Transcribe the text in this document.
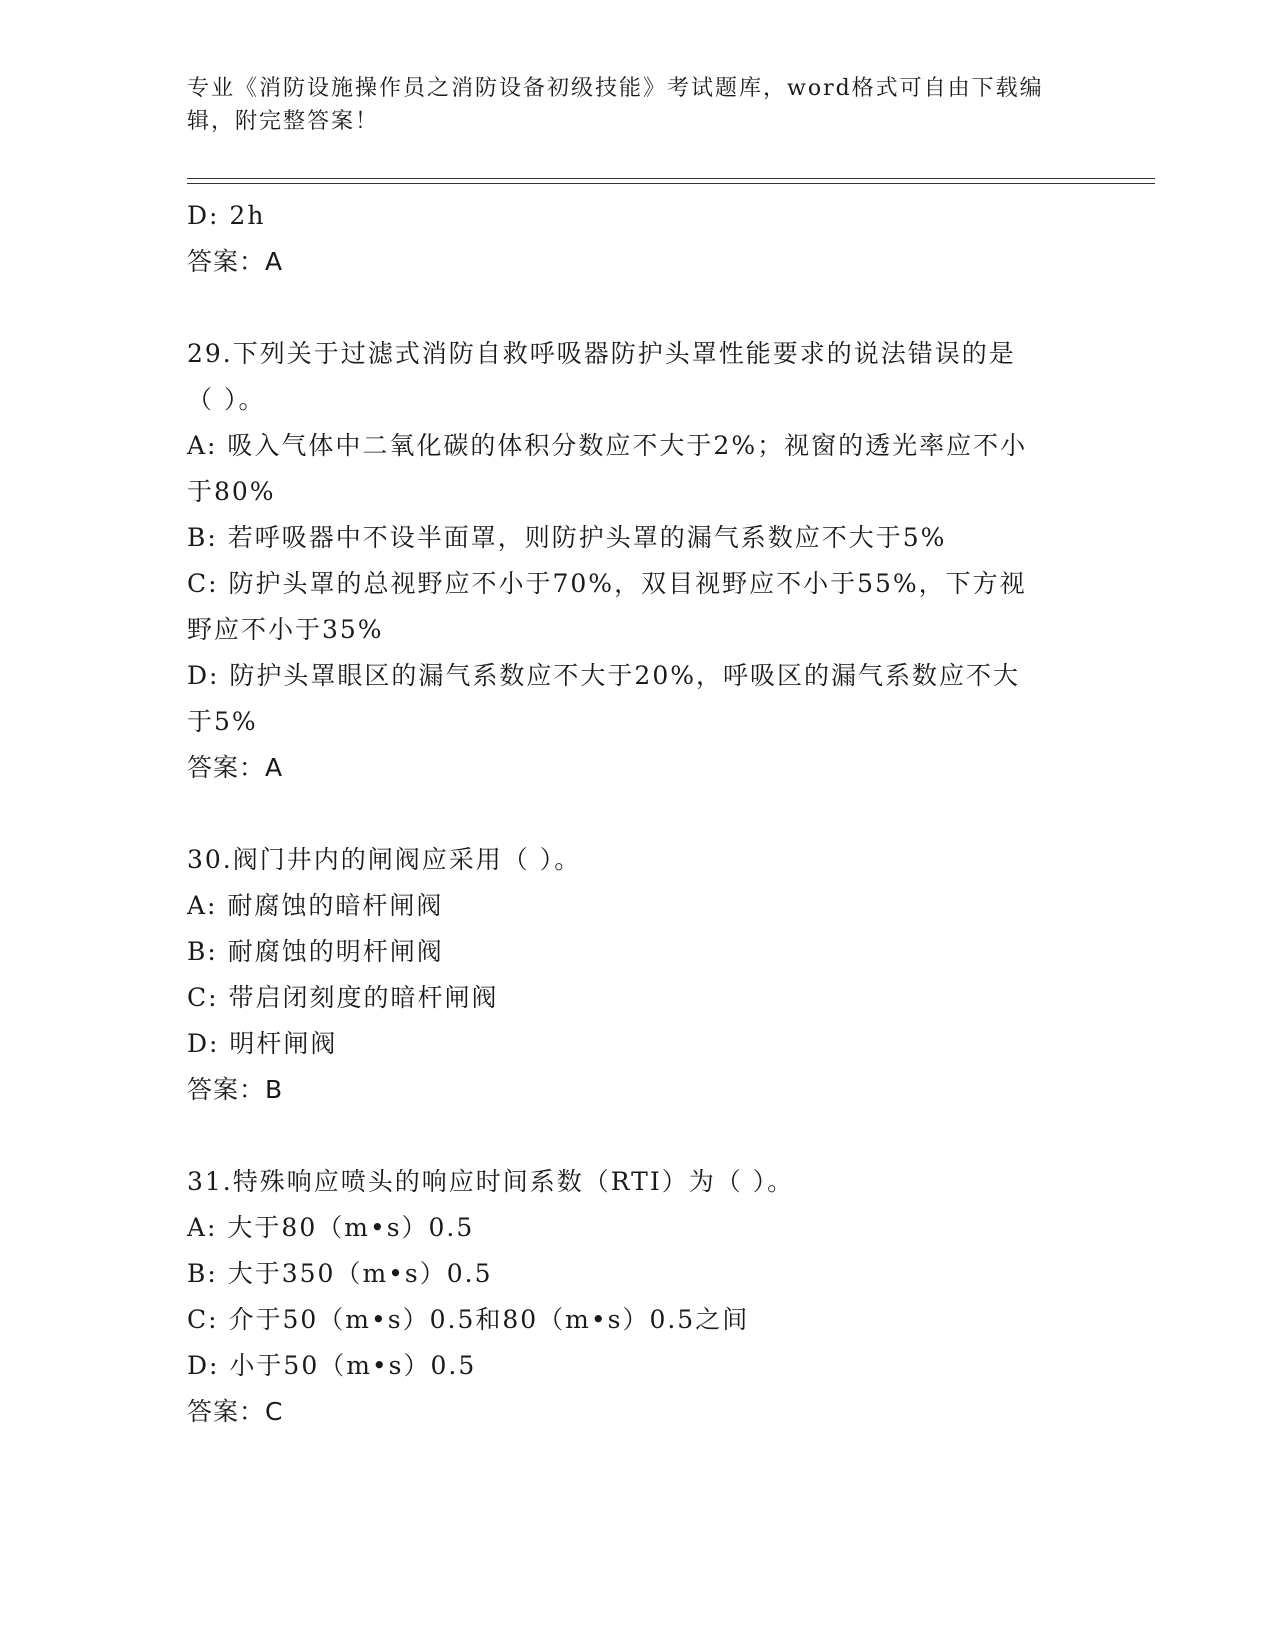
专业《消防设施操作员之消防设备初级技能》考试题库，word格式可自由下载编
辑，附完整答案！
D: 2h
答案：A
29.下列关于过滤式消防自救呼吸器防护头罩性能要求的说法错误的是
（ ）。
A: 吸入气体中二氧化碳的体积分数应不大于2%；视窗的透光率应不小
于80%
B: 若呼吸器中不设半面罩，则防护头罩的漏气系数应不大于5%
C: 防护头罩的总视野应不小于70%，双目视野应不小于55%，下方视
野应不小于35%
D: 防护头罩眼区的漏气系数应不大于20%，呼吸区的漏气系数应不大
于5%
答案：A
30.阀门井内的闸阀应采用（ ）。
A: 耐腐蚀的暗杆闸阀
B: 耐腐蚀的明杆闸阀
C: 带启闭刻度的暗杆闸阀
D: 明杆闸阀
答案：B
31.特殊响应喷头的响应时间系数（RTI）为（ ）。
A: 大于80（m•s）0.5
B: 大于350（m•s）0.5
C: 介于50（m•s）0.5和80（m•s）0.5之间
D: 小于50（m•s）0.5
答案：C
